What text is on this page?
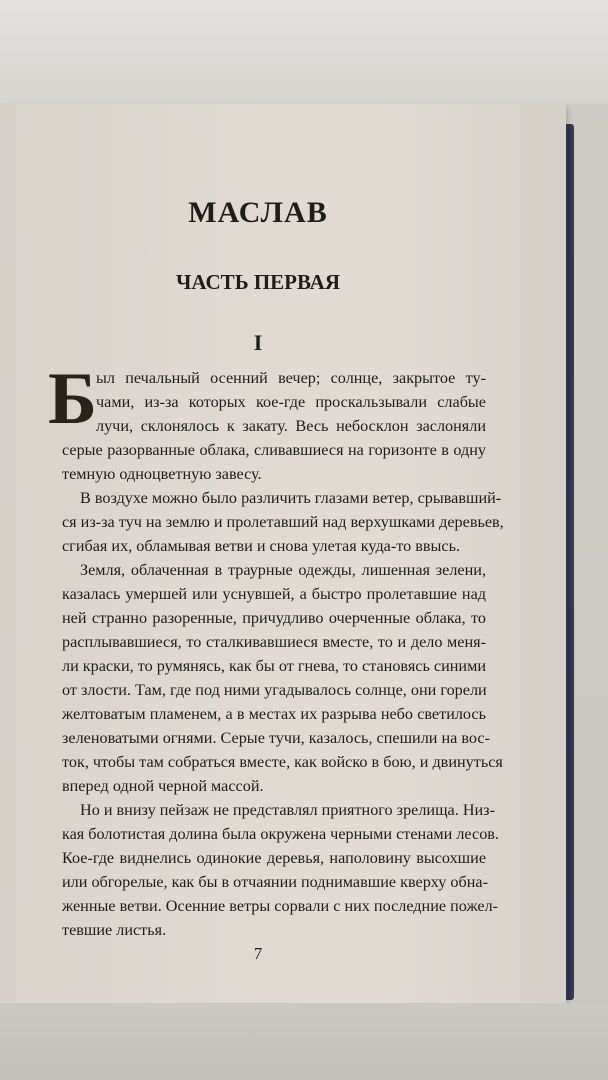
МАСЛАВ
ЧАСТЬ ПЕРВАЯ
I
Б ыл печальный осенний вечер; солнце, закрытое ту-
чами, из-за которых кое-где проскальзывали слабые
лучи, склонялось к закату. Весь небосклон заслоняли
серые разорванные облака, сливавшиеся на горизонте в одну
темную одноцветную завесу.
В воздухе можно было различить глазами ветер, срывавший-
ся из-за туч на землю и пролетавший над верхушками деревьев,
сгибая их, обламывая ветви и снова улетая куда-то ввысь.
Земля, облаченная в траурные одежды, лишенная зелени,
казалась умершей или уснувшей, а быстро пролетавшие над
ней странно разоренные, причудливо очерченные облака, то
расплывавшиеся, то сталкивавшиеся вместе, то и дело меня-
ли краски, то румянясь, как бы от гнева, то становясь синими
от злости. Там, где под ними угадывалось солнце, они горели
желтоватым пламенем, а в местах их разрыва небо светилось
зеленоватыми огнями. Серые тучи, казалось, спешили на вос-
ток, чтобы там собраться вместе, как войско в бою, и двинуться
вперед одной черной массой.
Но и внизу пейзаж не представлял приятного зрелища. Низ-
кая болотистая долина была окружена черными стенами лесов.
Кое-где виднелись одинокие деревья, наполовину высохшие
или обгорелые, как бы в отчаянии поднимавшие кверху обна-
женные ветви. Осенние ветры сорвали с них последние пожел-
тевшие листья.
7
